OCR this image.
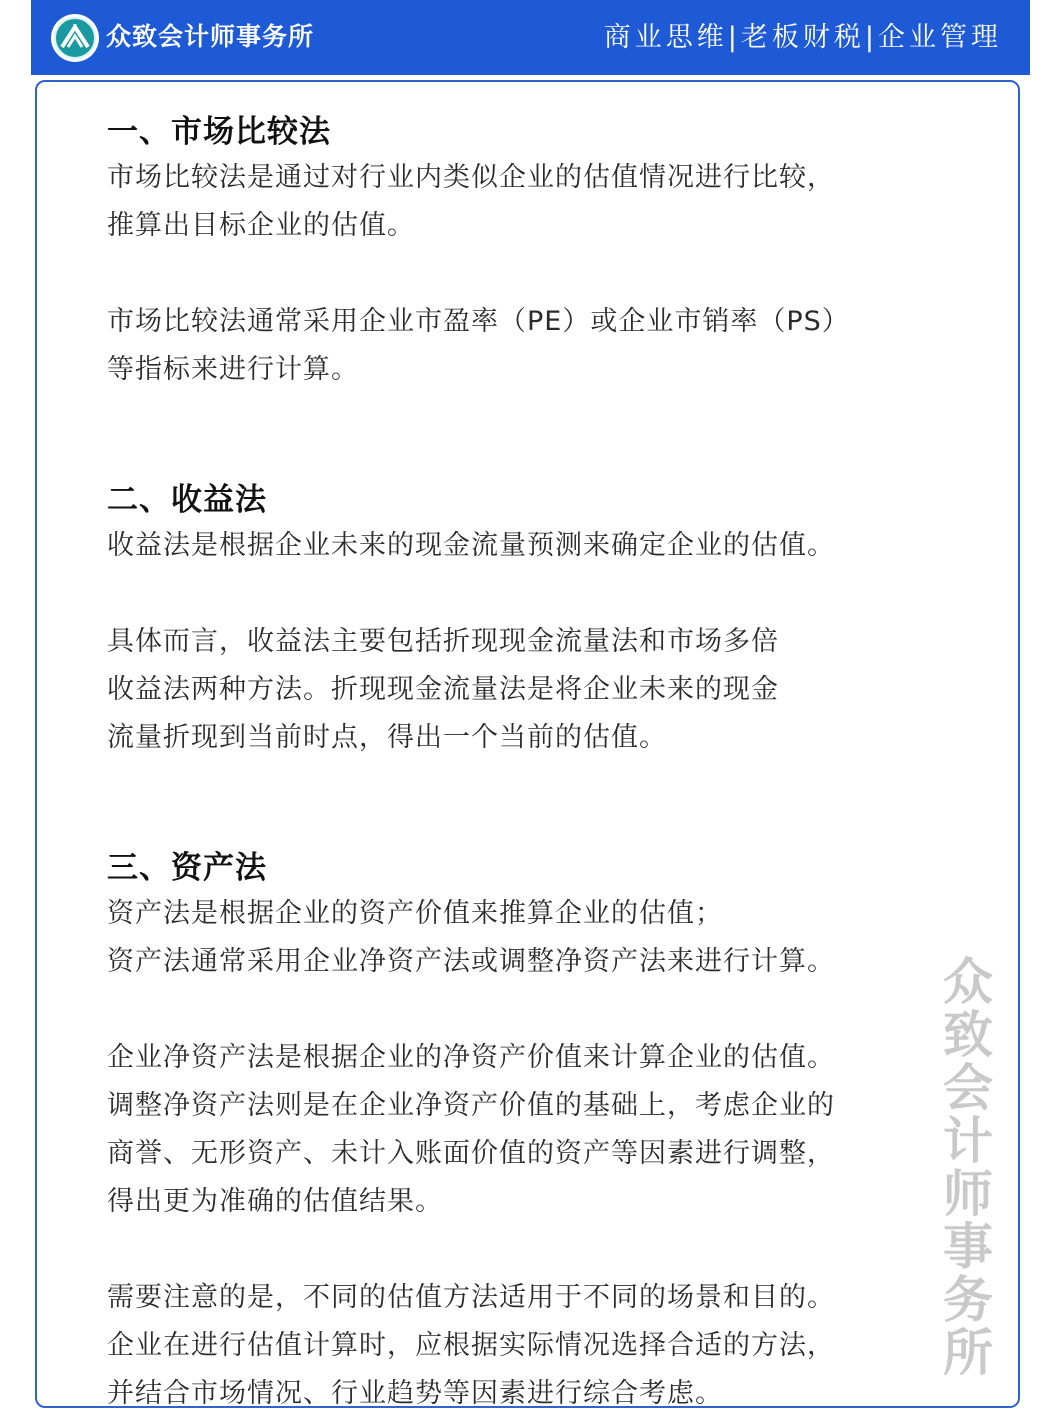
众致会计师事务所	商业思维|老板财税|企业管理
一、市场比较法

市场比较法是通过对行业内类似企业的估值情况进行比较，

推算出目标企业的估值。

市场比较法通常采用企业市盈率（PE）或企业市销率（PS）

等指标来进行计算。

二、收益法

收益法是根据企业未来的现金流量预测来确定企业的估值。

具体而言，收益法主要包括折现现金流量法和市场多倍

收益法两种方法。折现现金流量法是将企业未来的现金

流量折现到当前时点，得出一个当前的估值。

三、资产法

资产法是根据企业的资产价值来推算企业的估值；

资产法通常采用企业净资产法或调整净资产法来进行计算。

企业净资产法是根据企业的净资产价值来计算企业的估值。

调整净资产法则是在企业净资产价值的基础上，考虑企业的

商誉、无形资产、未计入账面价值的资产等因素进行调整，

得出更为准确的估值结果。

需要注意的是，不同的估值方法适用于不同的场景和目的。

企业在进行估值计算时，应根据实际情况选择合适的方法，

并结合市场情况、行业趋势等因素进行综合考虑。

众致会计师事务所
